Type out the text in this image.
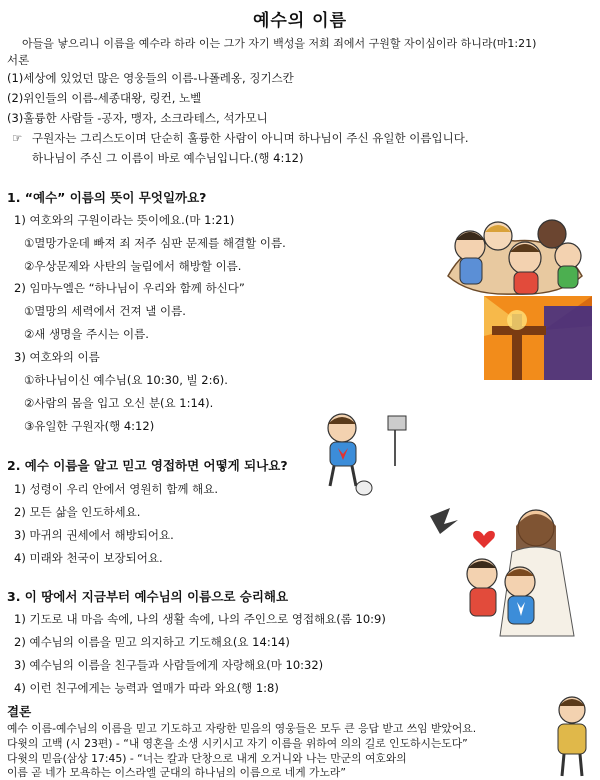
예수의 이름
아들을 낳으리니 이름을 예수라 하라 이는 그가 자기 백성을 저희 죄에서 구원할 자이심이라 하니라(마1:21)
서론
(1)세상에 있었던 많은 영웅들의 이름-나폴레옹, 징기스칸
(2)위인들의 이름-세종대왕, 링컨, 노벨
(3)훌륭한 사람들 -공자, 맹자, 소크라테스, 석가모니
☞ 구원자는 그리스도이며 단순히 훌륭한 사람이 아니며 하나님이 주신 유일한 이름입니다.
하나님이 주신 그 이름이 바로 예수님입니다.(행 4:12)
1. “예수” 이름의 뜻이 무엇일까요?
1) 여호와의 구원이라는 뜻이에요.(마 1:21)
①멸망가운데 빠져 죄 저주 심판 문제를 해결할 이름.
②우상문제와 사탄의 눌림에서 해방할 이름.
2) 임마누엘은 “하나님이 우리와 함께 하신다”
①멸망의 세력에서 건져 낼 이름.
②새 생명을 주시는 이름.
3) 여호와의 이름
①하나님이신 예수님(요 10:30, 빌 2:6).
②사람의 몸을 입고 오신 분(요 1:14).
③유일한 구원자(행 4:12)
2. 예수 이름을 알고 믿고 영접하면 어떻게 되나요?
1) 성령이 우리 안에서 영원히 함께 해요.
2) 모든 삶을 인도하세요.
3) 마귀의 권세에서 해방되어요.
4) 미래와 천국이 보장되어요.
3. 이 땅에서 지금부터 예수님의 이름으로 승리해요
1) 기도로 내 마음 속에, 나의 생활 속에, 나의 주인으로 영접해요(롬 10:9)
2) 예수님의 이름을 믿고 의지하고 기도해요(요 14:14)
3) 예수님의 이름을 친구들과 사람들에게 자랑해요(마 10:32)
4) 이런 친구에게는 능력과 열매가 따라 와요(행 1:8)
결론
예수 이름-예수님의 이름을 믿고 기도하고 자랑한 믿음의 영웅들은 모두 큰 응답 받고 쓰임 받았어요.
다윗의 고백 (시 23편) - “내 영혼을 소생 시키시고 자기 이름을 위하여 의의 길로 인도하시는도다”
다윗의 믿음(삼상 17:45) - “너는 칼과 단창으로 내게 오거니와 나는 만군의 여호와의
이름 곧 네가 모욕하는 이스라엘 군대의 하나님의 이름으로 네게 가노라”
